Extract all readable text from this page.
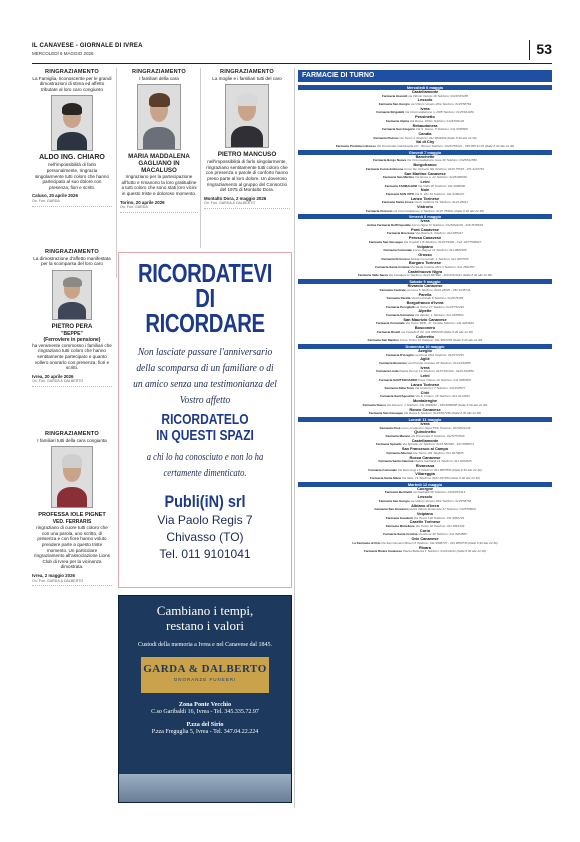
IL CANAVESE - GIORNALE DI IVREA
MERCOLEDÌ 6 MAGGIO 2026	53
RINGRAZIAMENTO
La Famiglia, riconoscente per le grandi dimostrazioni di stima ed affetto tributate al loro caro congiunto
ALDO ING. CHIARO
nell'impossibilità di farlo personalmente, ringrazia singolarmente tutti coloro che hanno partecipato al suo dolore con presenza, fiori e scritti.
Caluso, 20 aprile 2026
On. Fun. GARDA
RINGRAZIAMENTO
La dimostrazione d'affetto manifestata per la scomparsa del loro caro
PIETRO PERA
"BEPPE"
(Ferroviere in pensione)
ha veramente commosso i familiari che ringraziano tutti coloro che hanno sentitamente partecipato e quanto vollero onorarlo con presenza, fiori e scritti.
Ivrea, 20 aprile 2026
On. Fun. GARDA & DALBERTO
RINGRAZIAMENTO
I familiari tutti della cara congiunta
PROFESSA IOLE PIGNET
VED. FERRARIS
ringraziano di cuore tutti coloro che con una parola, uno scritto, di presenza e con fiore hanno voluto prendere parte a questo triste momento. Un particolare ringraziamento all'associazione Lions Club di Ivrea per la vicinanza dimostrata.
Ivrea, 2 maggio 2026
On. Fun. GARDA & DALBERTO
RINGRAZIAMENTO
I familiari della cara
MARIA MADDALENA GAGLIANO IN MACALUSO
ringraziano per la partecipazione all'lutto e rimanono la loro gratitudine a tutti coloro che sono stati loro vicini in questo triste e doloroso momento.
Torino, 20 aprile 2026
On. Fun. GARDA
RINGRAZIAMENTO
La moglie e i familiari tutti del caro
PIETRO MANCUSO
nell'impossibilità di farlo singolarmente, ringraziano sentitamente tutti coloro che con presenza o parole di conforto hanno preso parte al loro dolore. Un doveroso ringraziamento al gruppo del Consorzio del 1975 di Montalto Dora.
Montalto Dora, 2 maggio 2026
On. Fun. GARDA & DALBERTO
RICORDATEVI
DI RICORDARE
Non lasciate passare l'anniversario della scomparsa di un familiare o di un amico senza una testimonianza del Vostro affetto
RICORDATELO
IN QUESTI SPAZI
a chi lo ha conosciuto e non lo ha certamente dimenticato.
Publi(iN) srl
Via Paolo Regis 7
Chivasso (TO)
Tel. 011 9101041
Cambiano i tempi,
restano i valori
Custodi della memoria a Ivrea e nel Canavese dal 1845.
GARDA & DALBERTO
ONORANZE FUNEBRI
Zona Ponte Vecchio
C.so Garibaldi 16, Ivrea - Tel. 345.335.72.97
P.zza del Sirio
P.zza Freguglia 5, Ivrea - Tel. 347.04.22.224
FARMACIE DI TURNO
Mercoledì 6 maggio
Castellamonte
Farmacia Gianotti via Vittorio Veneto 16 Telefono: 0124/515188
Lessolo
Farmacia San Giorgio via Vittorio Veneto 26/a Telefono: 0125/58764
Ivrea
Farmacia Strigaletti Via Circonvallazione n. 28/B Telefono: 0125/641180
Pessinetto
Farmacia Alpina Via Roma, 33/bis Telefono: 0123/504120
Rebaudonera
Farmacia San Gregorio Via S. Rocco, 8 Telefono: 011.9038800
Candia
Farmacia Pistono Via Torino 2 Telefono: 011.9834009 (Dalle 8.30 alle 22.30)
Val di Chy
Farmacia Presbitero Brosso Via Provinciale Valchiusella 2/C - Brosso Telefono: 0125/795122 - 348.088.31.03 (Dalle 8.30 alle 22.30)
Giovedì 7 maggio
Banchette
Farmacia Borgo Nuova Via Circonvallazione Ivrea 46 Telefono: 0125/611850
Borgofranco
Farmacia Corna Andreone Corso Re Umberto 8/b Telefono: 0125.75518 - 371.3107716
San Martino Canavese
Farmacia San Martino Via Roma n. 22 Telefono: 0125/468952
Leini
Farmacia FARMALEINI Via Volta 30 Telefono: 011.9988600
Nole
Farmacia SAN VITO Via S. Vito 51 Telefono: 011.9298207
Lanzo Torinese
Farmacia Santa Croce Via G. Fabbrini 51 Telefono: 0123.28612
Vistrorio
Farmacia Vistrorio via Circonvallazione 3 Telefono: 0125 789611 (Dalle 8.30 alle 22.30)
Venerdì 8 maggio
Ivrea
Antica Farmacia Dell'Ospedale Corso Nigra 71 Telefono: 0125/641118 - 328.3576633
Pont Canavese
Farmacia Bruzzone Via Piazza S. Telefono: 0124/85317
Perosa Canavese
Farmacia San Giuseppe Via Crudelli 1 B Telefono: 0125/74506 - Cell. 347/7506627
Volpiano
Farmacia Comunale Corso Regina 14 Telefono: 011.9882488
Grosso
Farmacia Di Grosso Strada Comunale, 1 Telefono: 011.9267035
Borgaro Torinese
Farmacia Santa Cristina Via Santa Cristina 28/1 A Telefono: 011.4501857
Castelnuovo Nigra
Farmacia Valle Sacra Via Cavaliere D Telefono: 0124.667692 - 320.649.5231 (Dalle 8.30 alle 22.30)
Sabato 9 maggio
Rivarolo Canavese
Farmacia Centrale via Ivrea 6 Telefono: 0124.28035 - 392.9135744
Parella
Farmacia Parella Via Provinciale 8 Telefono: 0125/76186
Borgofranco d'Ivrea
Farmacia Peroglielli via Torino 27 Telefono: 0125/751234
Alpette
Farmacia Giovanna Via Alpette, 1 Telefono: 011.9288602
San Maurizio Canavese
Farmacia Comunale Via Torino 99/B - Fr. Ceretta Telefono: 011.9284646
Bosconero
Farmacia Rivetti via Castello 8 Tel. 011.9886318 (Dalle 8.30 alle 22.30)
Colleretto
Farmacia San Martino Corso Torino 64 Telefono: 011.9837259 (Dalle 8.30 alle 22.30)
Domenica 10 maggio
Azeglio
Farmacia D'Azeglio via Roma 28/A Telefono: 0125/72243
Agliè
Farmacia Bruzzone via Principe Amedeo 48 Telefono: 0124/330358
Ivrea
Farmacia Linda Piazza Perron 14 Telefono: 0125.641163 - 0125.644889
Leini
Farmacia SANT'EDOARDO P.zza Vittorio 10 Telefono: 011.9980509
Lanzo Torinese
Farmacia Della Torre Via Umberto I 7 Telefono: 0123/28677
Ciriè
Farmacia Sant'Agostino Via S. Ciriaco, 28 Telefono: 011.9214303
Montalenghe
Farmacia Rucco Via Intersoc. 1 Telefono: 011.9839012 - 338.6880608 (Dalle 8.30 alle 22.30)
Ronco Canavese
Farmacia San Giuseppe Via Roma 6 Telefono: 0124/817256 (Dalle 8.30 alle 22.30)
Lunedì 11 maggio
Ivrea
Farmacia Dora corso Costantino Nigra 55/D Telefono: 0125/641236
Quincinetto
Farmacia Marano via Provinciale 8 Telefono: 0125/757840
Castellamonte
Farmacia Spinello Via Spinello 12 Telefono: 0124.582098 - 347.0888071
San Francesco al Campo
Farmacia Alberico Via Torino 161 Telefono: 011.9279605
Rocca Canavese
Farmacia Santa Caterina Piazza Garibaldi 14 Telefono: 011.9204545
Rivarossa
Farmacia Comunale Via Racconigi 17 Telefono: 011.9887884 (Dalle 8.30 alle 22.30)
Villareggia
Farmacia Santa Maria Via Italia, 21 Telefono: 0161.467380 (Dalle 8.30 alle 22.30)
Martedì 12 maggio
Cuorgnè
Farmacia Bertinetti via Garibaldi 26 Telefono: 0124/651313
Lessolo
Farmacia San Giorgio via Vittorio Veneto 26/a Telefono: 0125/58764
Albiano d'Ivrea
Farmacia San Giovanni piazza Vittorio Emanuele 17 Telefono: 0125/59669
Volpiano
Farmacia Gaudenti Via Torino 120 Telefono: 011.9882743
Caselle Torinese
Farmacia Martellone Via Torino 32 Telefono: 011.9961339
Corio
Farmacia Santa Cristina Via Roma 39 Telefono: 011.9284888
Oric Canavese
La Farmacia di Orio Via San Giovanni Bosco 8 Telefono: 011.9898737 - 331.9883745 (Dalle 8.30 alle 22.30)
Rivara
Farmacia Rivara Canavese Piazza Bellezza 1 Telefono: 0124/31112 (Dalle 8.30 alle 22.30)
